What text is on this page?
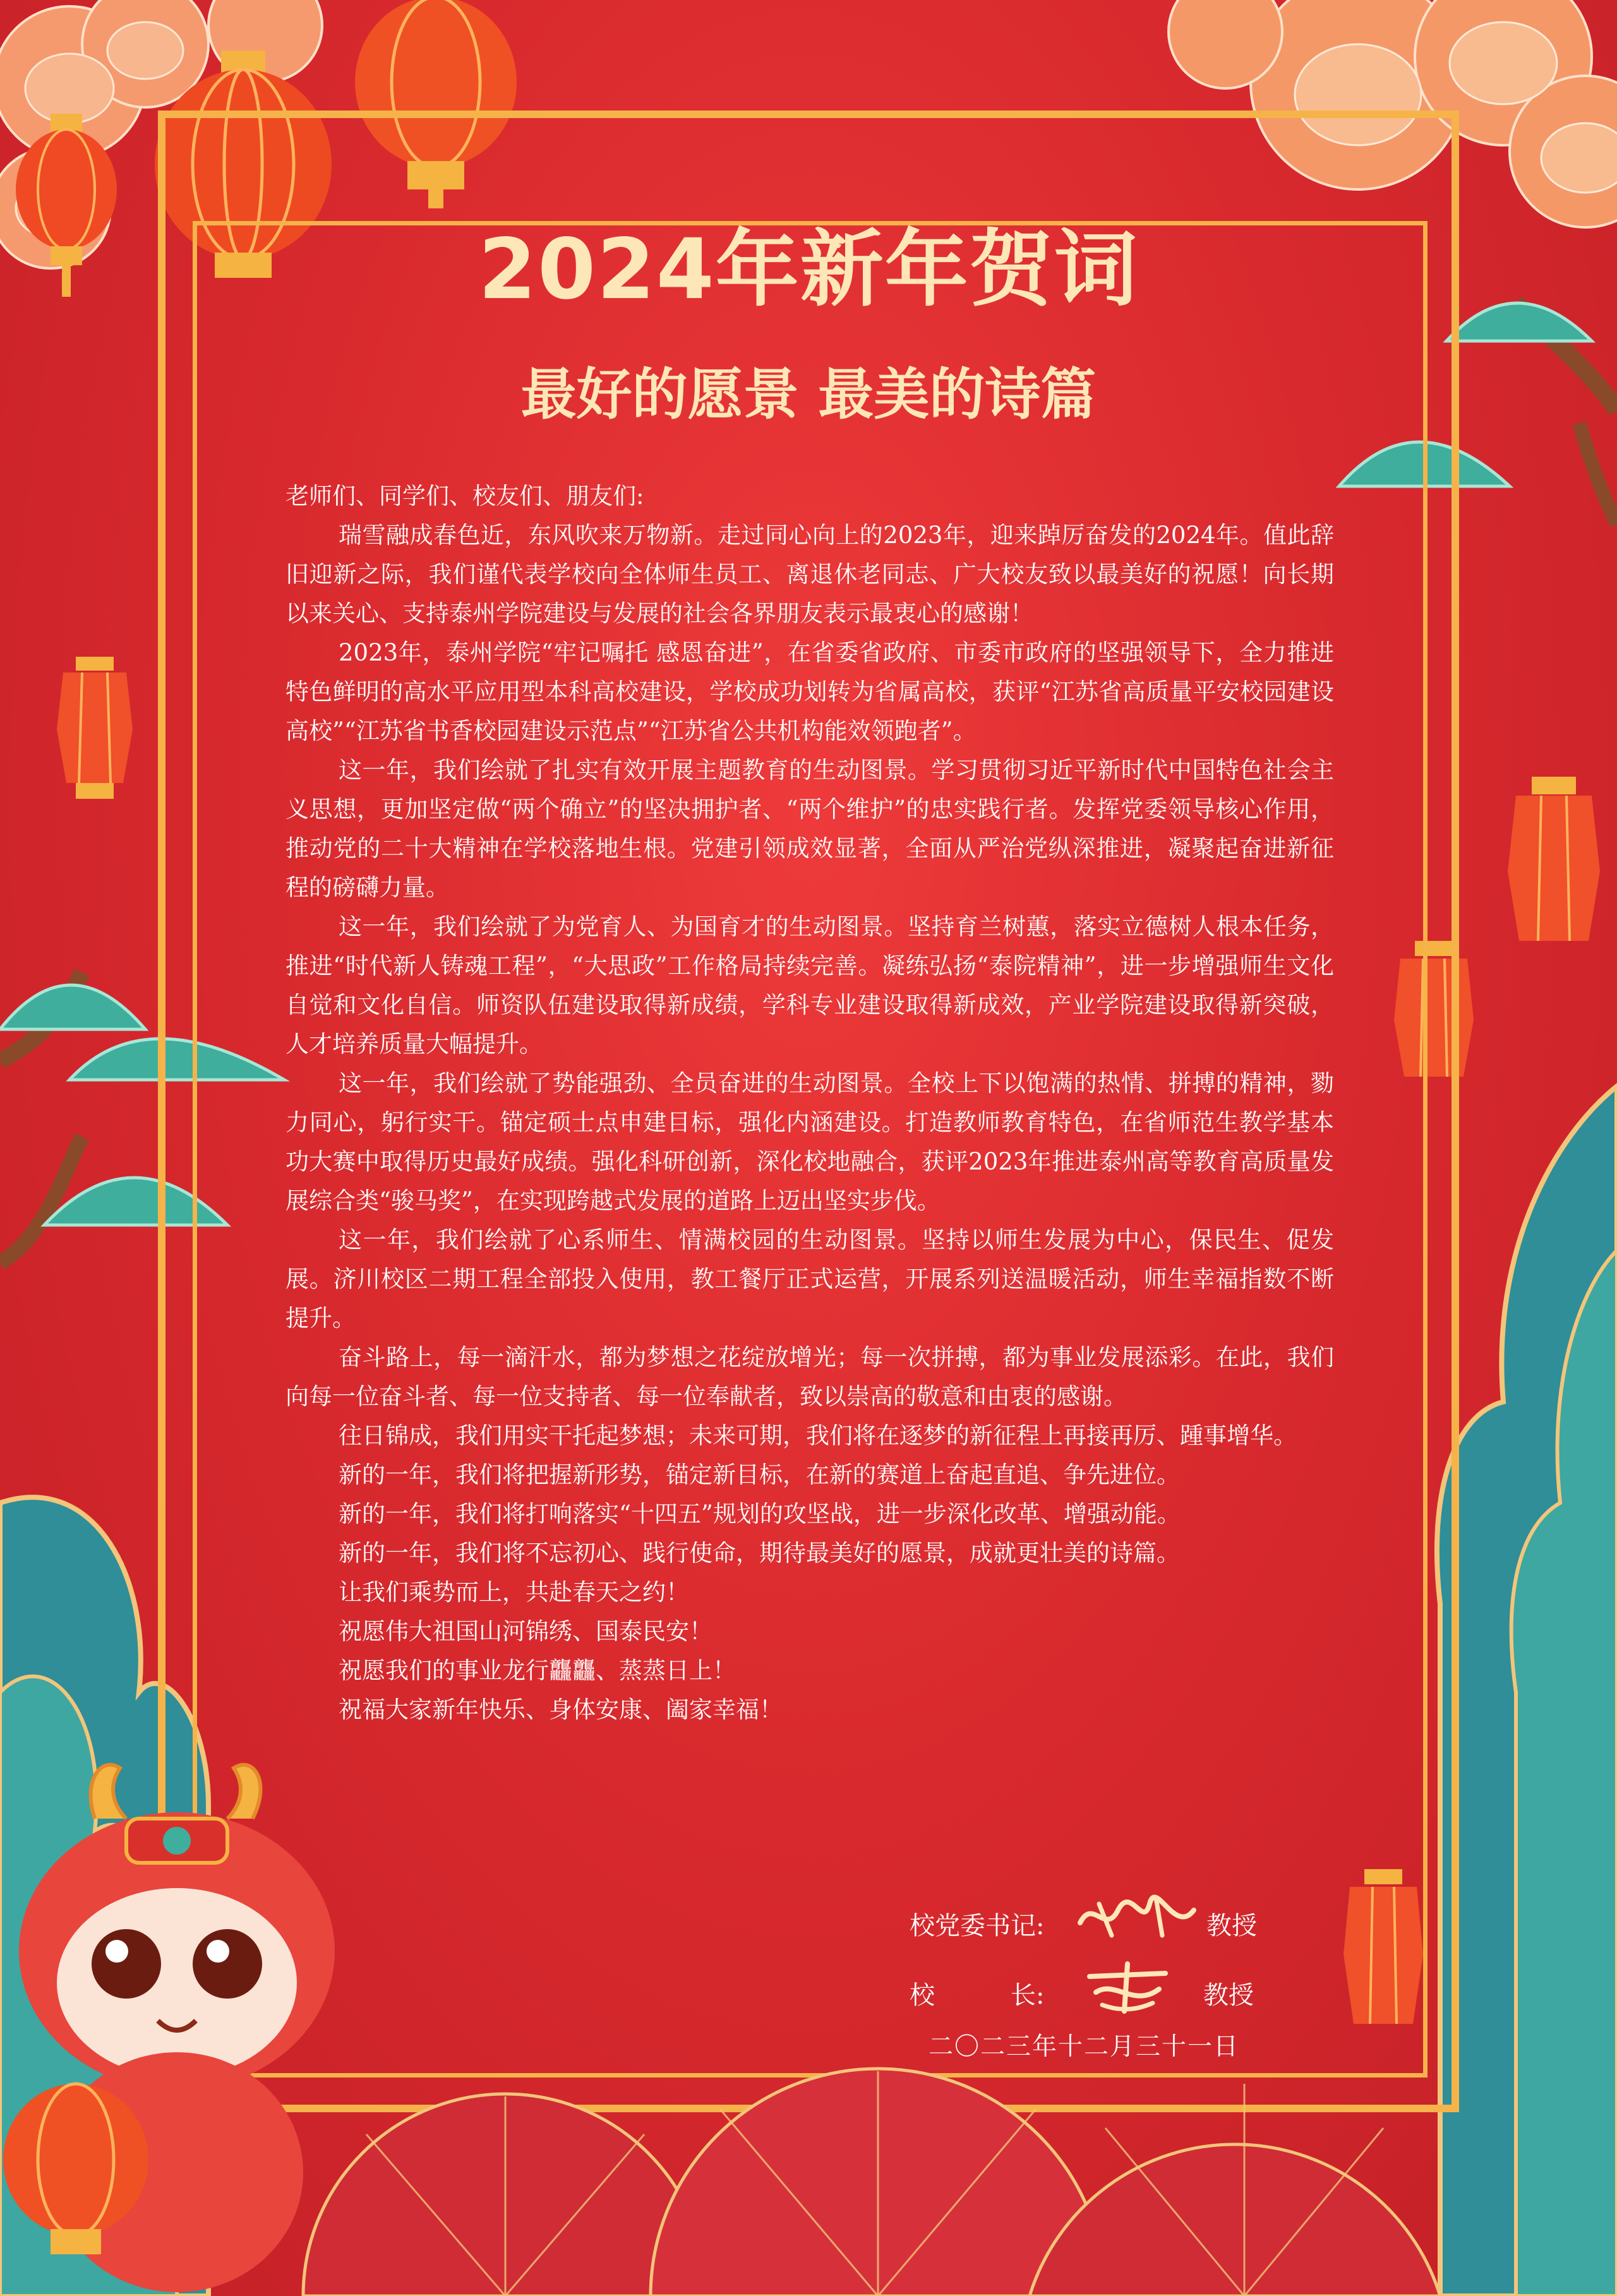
2024年新年贺词
最好的愿景 最美的诗篇

老师们、同学们、校友们、朋友们:

瑞雪融成春色近，东风吹来万物新。走过同心向上的2023年，迎来踔厉奋发的2024年。值此辞旧迎新之际，我们谨代表学校向全体师生员工、离退休老同志、广大校友致以最美好的祝愿！向长期以来关心、支持泰州学院建设与发展的社会各界朋友表示最衷心的感谢！

2023年，泰州学院“牢记嘱托 感恩奋进”，在省委省政府、市委市政府的坚强领导下，全力推进特色鲜明的高水平应用型本科高校建设，学校成功划转为省属高校，获评“江苏省高质量平安校园建设高校”“江苏省书香校园建设示范点”“江苏省公共机构能效领跑者”。

这一年，我们绘就了扎实有效开展主题教育的生动图景。学习贯彻习近平新时代中国特色社会主义思想，更加坚定做“两个确立”的坚决拥护者、“两个维护”的忠实践行者。发挥党委领导核心作用，推动党的二十大精神在学校落地生根。党建引领成效显著，全面从严治党纵深推进，凝聚起奋进新征程的磅礴力量。

这一年，我们绘就了为党育人、为国育才的生动图景。坚持育兰树蕙，落实立德树人根本任务，推进“时代新人铸魂工程”，“大思政”工作格局持续完善。凝练弘扬“泰院精神”，进一步增强师生文化自觉和文化自信。师资队伍建设取得新成绩，学科专业建设取得新成效，产业学院建设取得新突破，人才培养质量大幅提升。

这一年，我们绘就了势能强劲、全员奋进的生动图景。全校上下以饱满的热情、拼搏的精神，勠力同心，躬行实干。锚定硕士点申建目标，强化内涵建设。打造教师教育特色，在省师范生教学基本功大赛中取得历史最好成绩。强化科研创新，深化校地融合，获评2023年推进泰州高等教育高质量发展综合类“骏马奖”，在实现跨越式发展的道路上迈出坚实步伐。

这一年，我们绘就了心系师生、情满校园的生动图景。坚持以师生发展为中心，保民生、促发展。济川校区二期工程全部投入使用，教工餐厅正式运营，开展系列送温暖活动，师生幸福指数不断提升。

奋斗路上，每一滴汗水，都为梦想之花绽放增光；每一次拼搏，都为事业发展添彩。在此，我们向每一位奋斗者、每一位支持者、每一位奉献者，致以崇高的敬意和由衷的感谢。

往日锦成，我们用实干托起梦想；未来可期，我们将在逐梦的新征程上再接再厉、踵事增华。

新的一年，我们将把握新形势，锚定新目标，在新的赛道上奋起直追、争先进位。

新的一年，我们将打响落实“十四五”规划的攻坚战，进一步深化改革、增强动能。

新的一年，我们将不忘初心、践行使命，期待最美好的愿景，成就更壮美的诗篇。

让我们乘势而上，共赴春天之约！

祝愿伟大祖国山河锦绣、国泰民安！

祝愿我们的事业龙行龘龘、蒸蒸日上！

祝福大家新年快乐、身体安康、阖家幸福！

校党委书记:	教授
校　　　长:	教授
二〇二三年十二月三十一日
